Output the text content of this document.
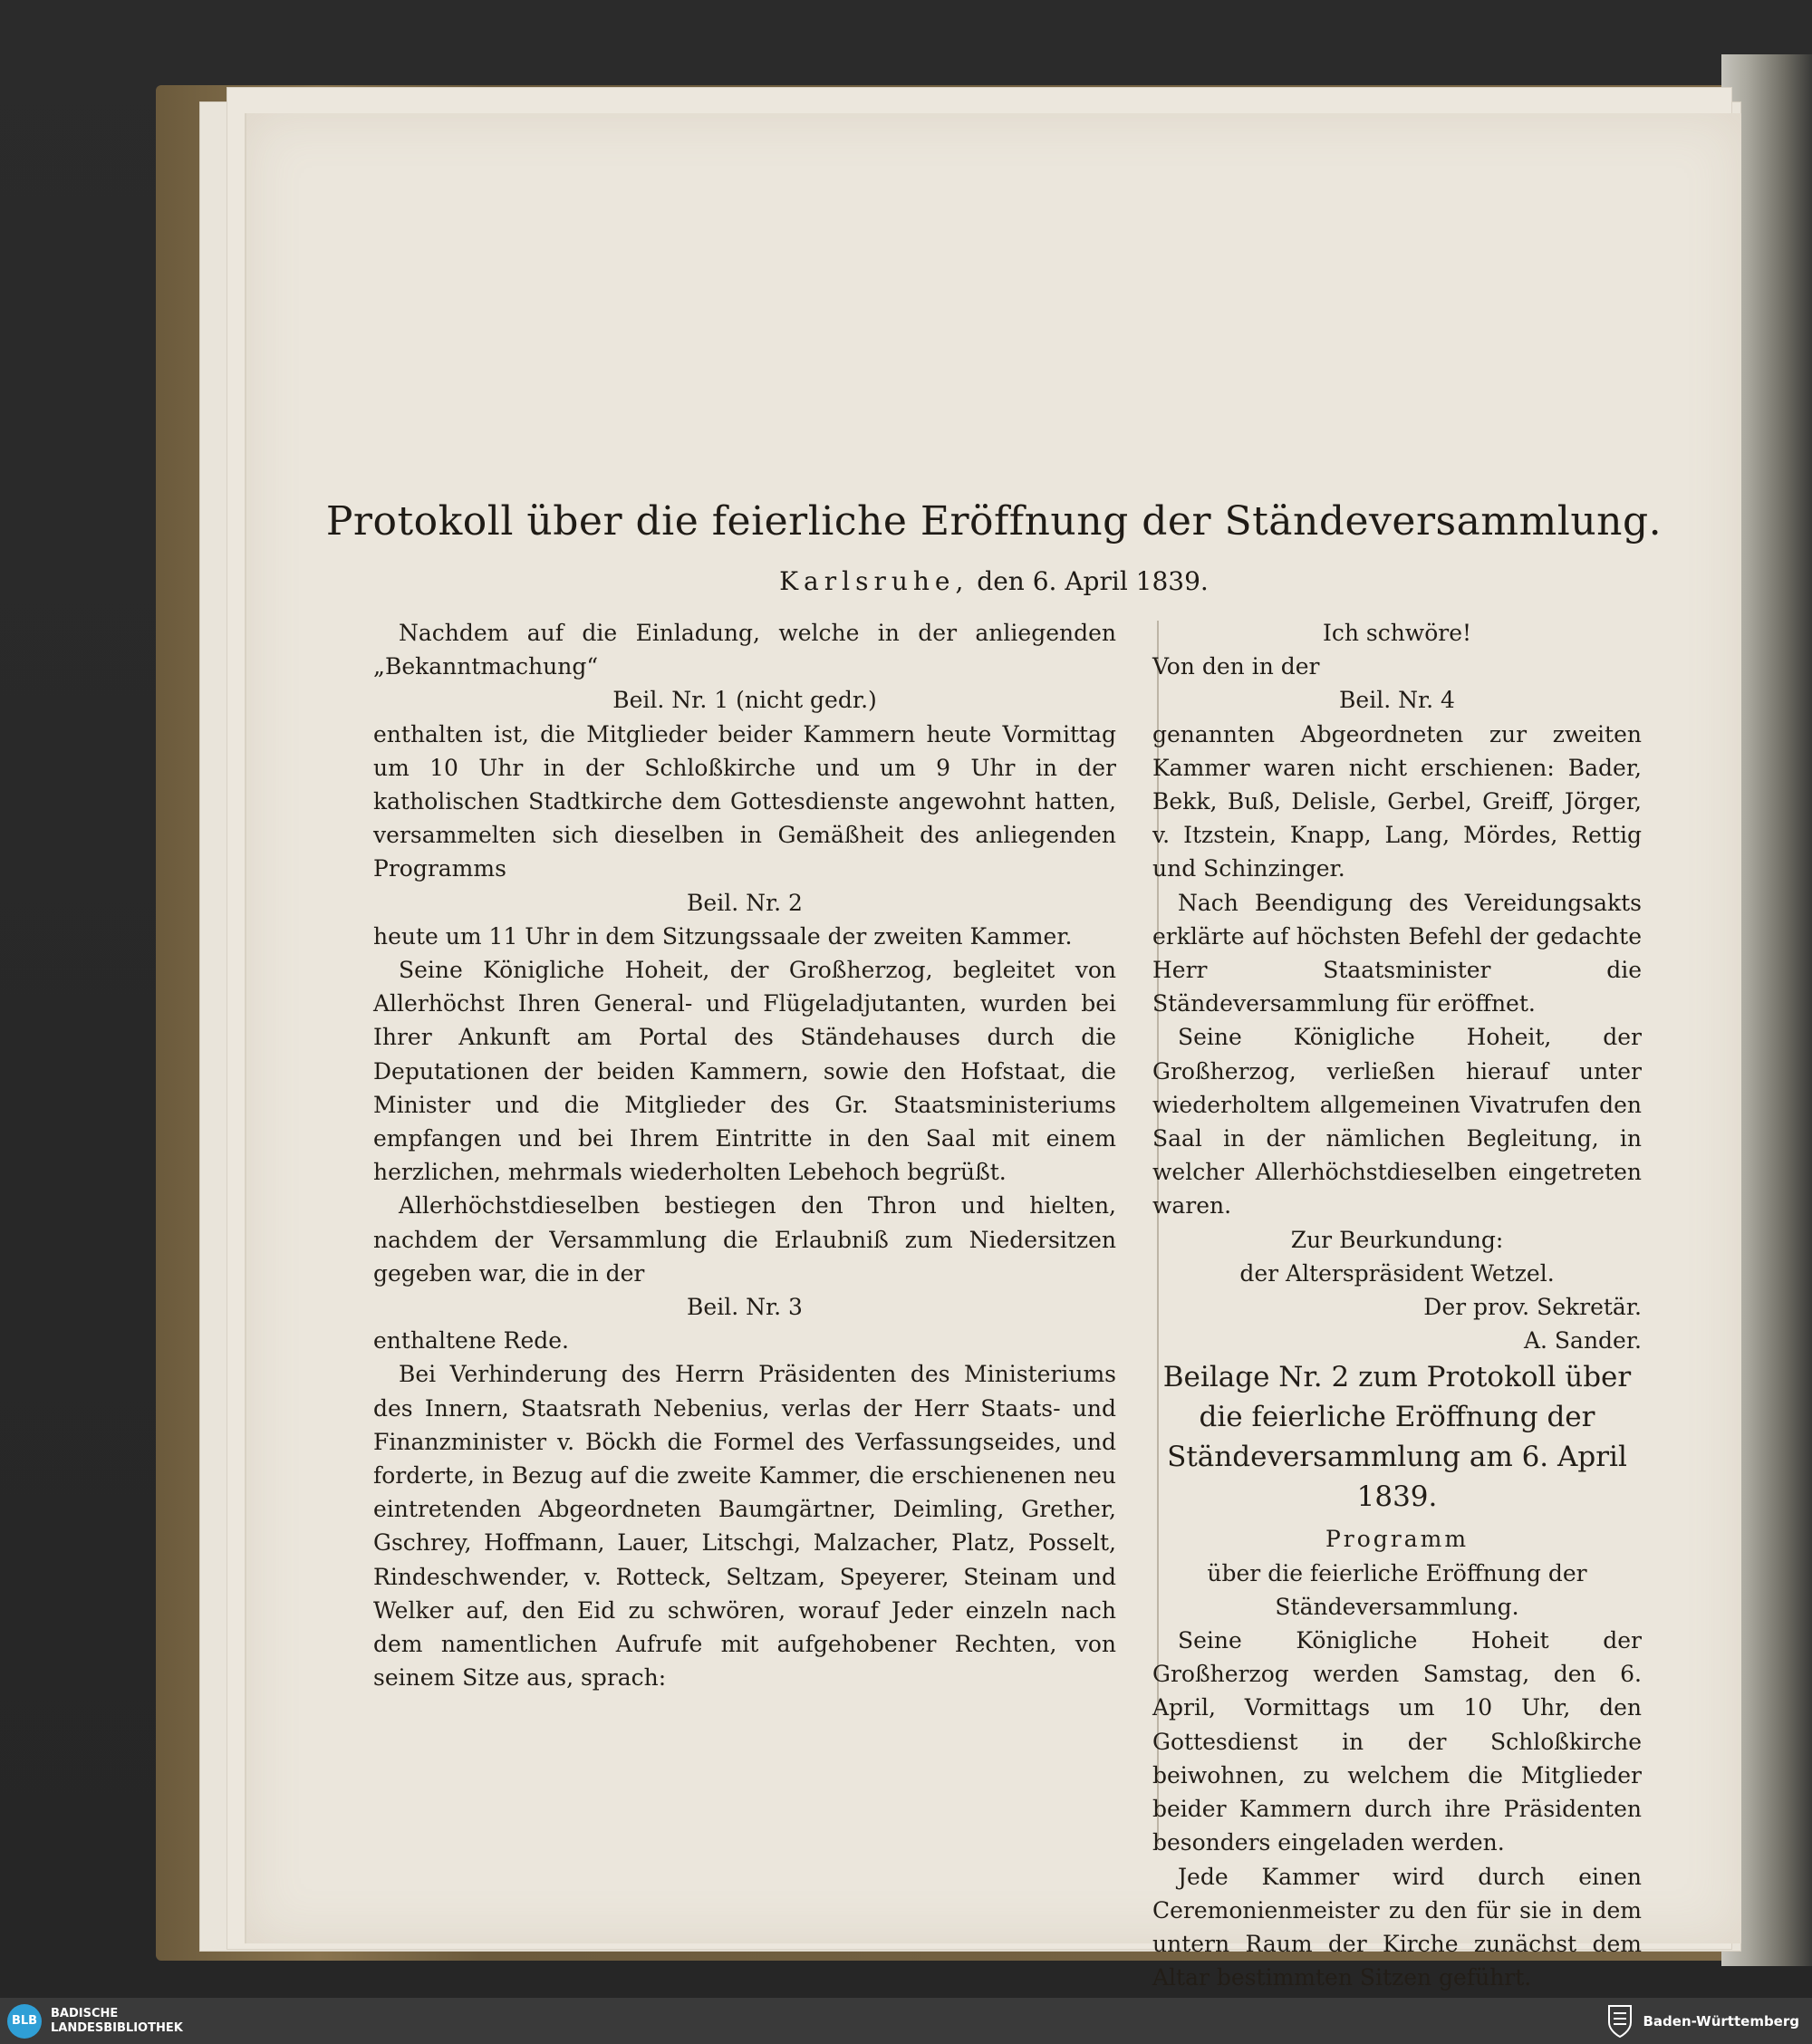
Protokoll über die feierliche Eröffnung der Ständeversammlung.
Karlsruhe, den 6. April 1839.

Nachdem auf die Einladung, welche in der anliegenden „Bekanntmachung“

Beil. Nr. 1 (nicht gedr.)

enthalten ist, die Mitglieder beider Kammern heute Vormittag um 10 Uhr in der Schloßkirche und um 9 Uhr in der katholischen Stadtkirche dem Gottesdienste angewohnt hatten, versammelten sich dieselben in Gemäßheit des anliegenden Programms

Beil. Nr. 2

heute um 11 Uhr in dem Sitzungssaale der zweiten Kammer.

Seine Königliche Hoheit, der Großherzog, begleitet von Allerhöchst Ihren General- und Flügeladjutanten, wurden bei Ihrer Ankunft am Portal des Ständehauses durch die Deputationen der beiden Kammern, sowie den Hofstaat, die Minister und die Mitglieder des Gr. Staatsministeriums empfangen und bei Ihrem Eintritte in den Saal mit einem herzlichen, mehrmals wiederholten Lebehoch begrüßt.

Allerhöchstdieselben bestiegen den Thron und hielten, nachdem der Versammlung die Erlaubniß zum Niedersitzen gegeben war, die in der

Beil. Nr. 3

enthaltene Rede.

Bei Verhinderung des Herrn Präsidenten des Ministeriums des Innern, Staatsrath Nebenius, verlas der Herr Staats- und Finanzminister v. Böckh die Formel des Verfassungseides, und forderte, in Bezug auf die zweite Kammer, die erschienenen neu eintretenden Abgeordneten Baumgärtner, Deimling, Grether, Gschrey, Hoffmann, Lauer, Litschgi, Malzacher, Platz, Posselt, Rindeschwender, v. Rotteck, Seltzam, Speyerer, Steinam und Welker auf, den Eid zu schwören, worauf Jeder einzeln nach dem namentlichen Aufrufe mit aufgehobener Rechten, von seinem Sitze aus, sprach:

Ich schwöre!

Von den in der

Beil. Nr. 4

genannten Abgeordneten zur zweiten Kammer waren nicht erschienen: Bader, Bekk, Buß, Delisle, Gerbel, Greiff, Jörger, v. Itzstein, Knapp, Lang, Mördes, Rettig und Schinzinger.

Nach Beendigung des Vereidungsakts erklärte auf höchsten Befehl der gedachte Herr Staatsminister die Ständeversammlung für eröffnet.

Seine Königliche Hoheit, der Großherzog, verließen hierauf unter wiederholtem allgemeinen Vivatrufen den Saal in der nämlichen Begleitung, in welcher Allerhöchstdieselben eingetreten waren.

Zur Beurkundung:

der Alterspräsident Wetzel.

Der prov. Sekretär.

A. Sander.

Beilage Nr. 2 zum Protokoll über die feierliche Eröffnung der Ständeversammlung am 6. April 1839.

Programm

über die feierliche Eröffnung der Ständeversammlung.

Seine Königliche Hoheit der Großherzog werden Samstag, den 6. April, Vormittags um 10 Uhr, den Gottesdienst in der Schloßkirche beiwohnen, zu welchem die Mitglieder beider Kammern durch ihre Präsidenten besonders eingeladen werden.

Jede Kammer wird durch einen Ceremonienmeister zu den für sie in dem untern Raum der Kirche zunächst dem Altar bestimmten Sitzen geführt.

BLB
BADISCHE
LANDESBIBLIOTHEK	Baden-Württemberg
